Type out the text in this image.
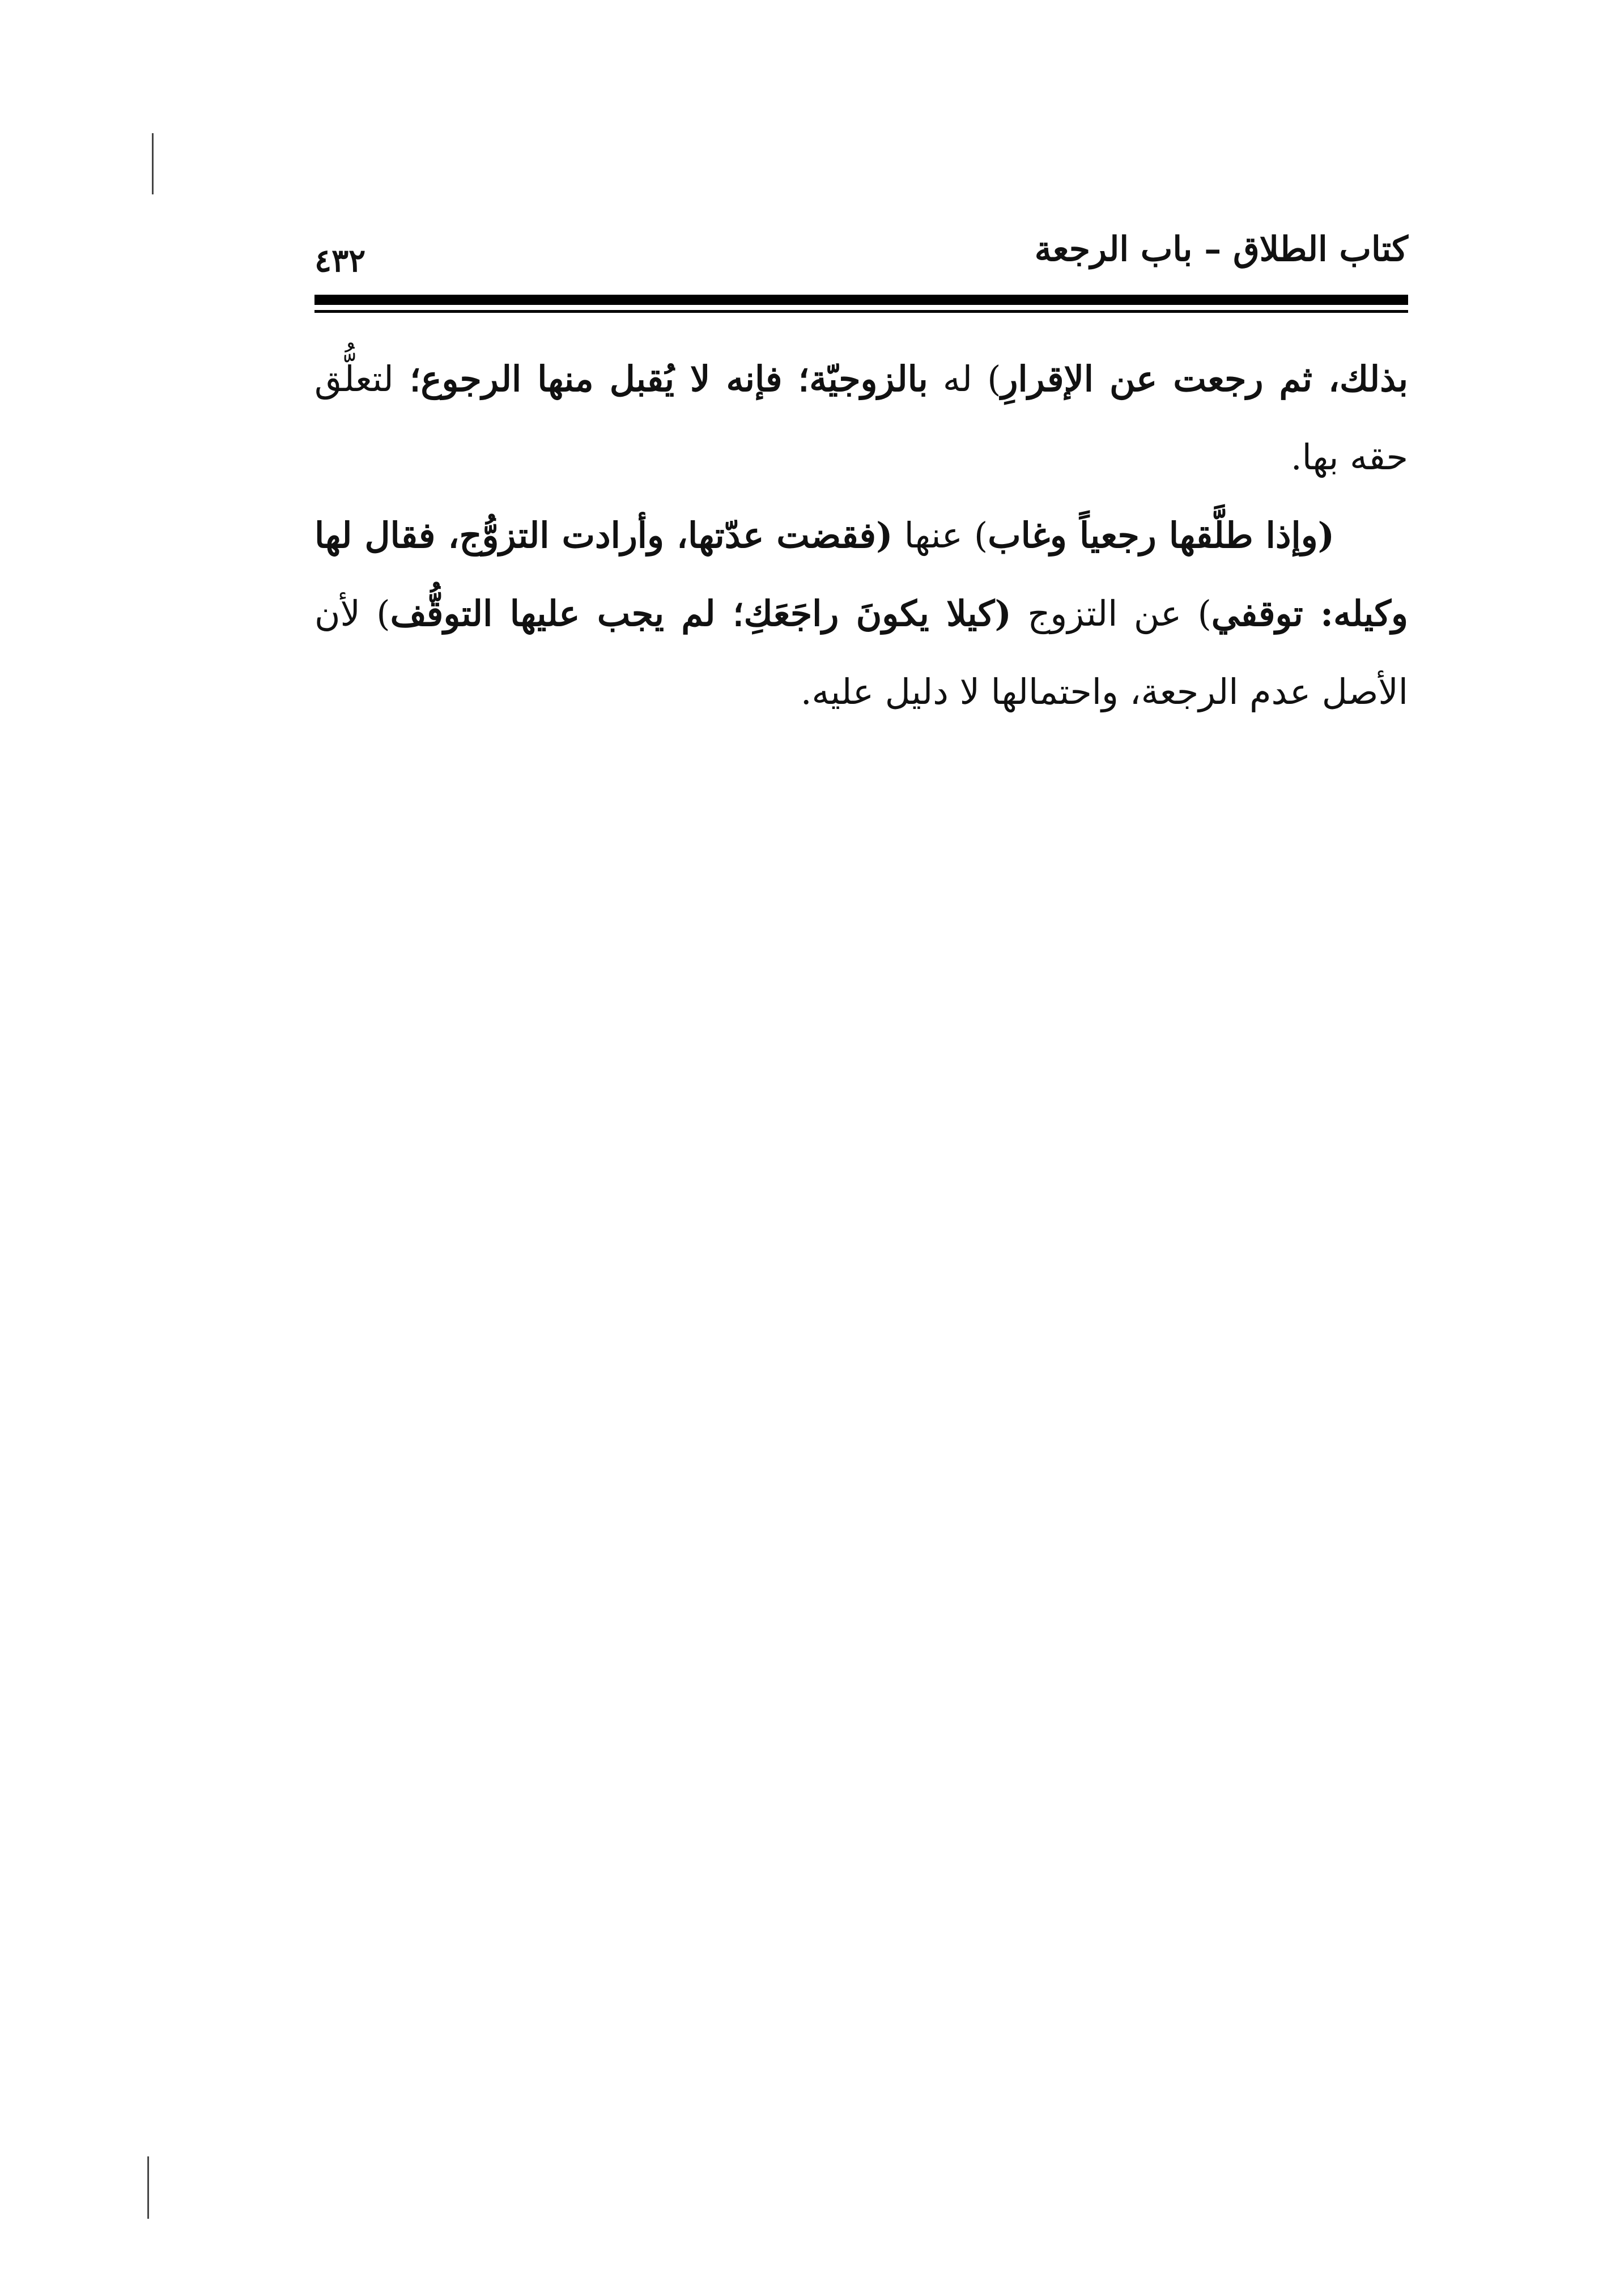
كتاب الطلاق – باب الرجعة
٤٣٢

بذلك، ثم رجعت عن الإقرارِ) له بالزوجيّة؛ فإنه لا يُقبل منها الرجوع؛ لتعلُّق حقه بها.

(وإذا طلَّقها رجعياً وغاب) عنها (فقضت عدّتها، وأرادت التزوُّج، فقال لها وكيله: توقفي) عن التزوج (كيلا يكونَ راجَعَكِ؛ لم يجب عليها التوقُّف) لأن الأصل عدم الرجعة، واحتمالها لا دليل عليه.
